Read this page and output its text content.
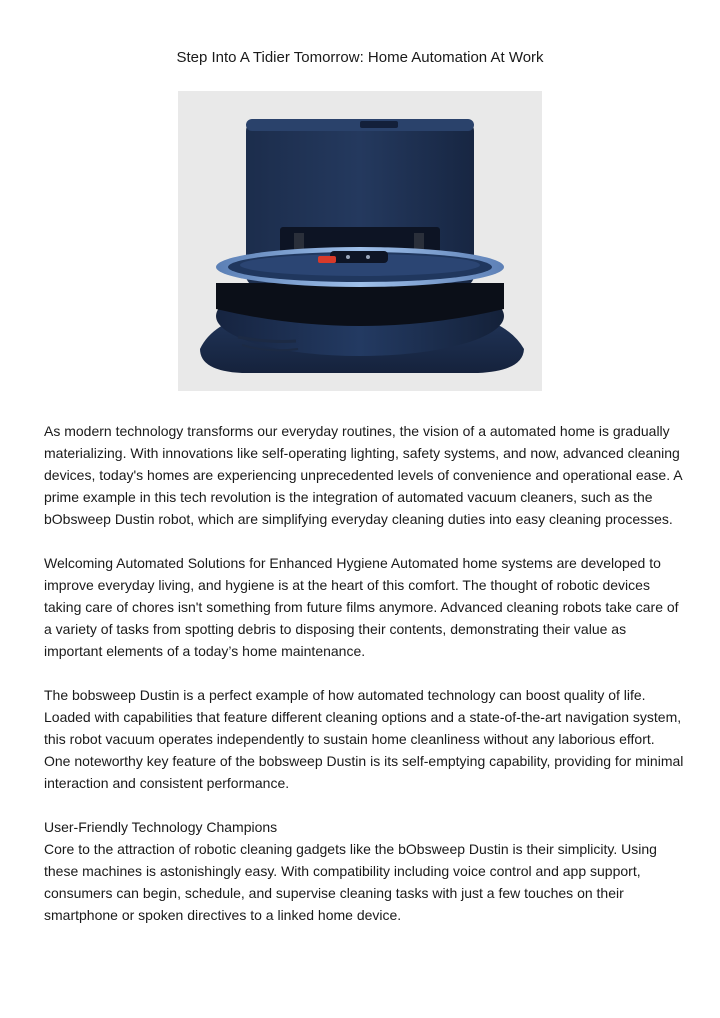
Step Into A Tidier Tomorrow: Home Automation At Work

As modern technology transforms our everyday routines, the vision of a automated home is gradually materializing. With innovations like self-operating lighting, safety systems, and now, advanced cleaning devices, today's homes are experiencing unprecedented levels of convenience and operational ease. A prime example in this tech revolution is the integration of automated vacuum cleaners, such as the bObsweep Dustin robot, which are simplifying everyday cleaning duties into easy cleaning processes.

Welcoming Automated Solutions for Enhanced Hygiene Automated home systems are developed to improve everyday living, and hygiene is at the heart of this comfort. The thought of robotic devices taking care of chores isn't something from future films anymore. Advanced cleaning robots take care of a variety of tasks from spotting debris to disposing their contents, demonstrating their value as important elements of a today’s home maintenance.

The bobsweep Dustin is a perfect example of how automated technology can boost quality of life. Loaded with capabilities that feature different cleaning options and a state-of-the-art navigation system, this robot vacuum operates independently to sustain home cleanliness without any laborious effort. One noteworthy key feature of the bobsweep Dustin is its self-emptying capability, providing for minimal interaction and consistent performance.

User-Friendly Technology Champions

Core to the attraction of robotic cleaning gadgets like the bObsweep Dustin is their simplicity. Using these machines is astonishingly easy. With compatibility including voice control and app support, consumers can begin, schedule, and supervise cleaning tasks with just a few touches on their smartphone or spoken directives to a linked home device.
